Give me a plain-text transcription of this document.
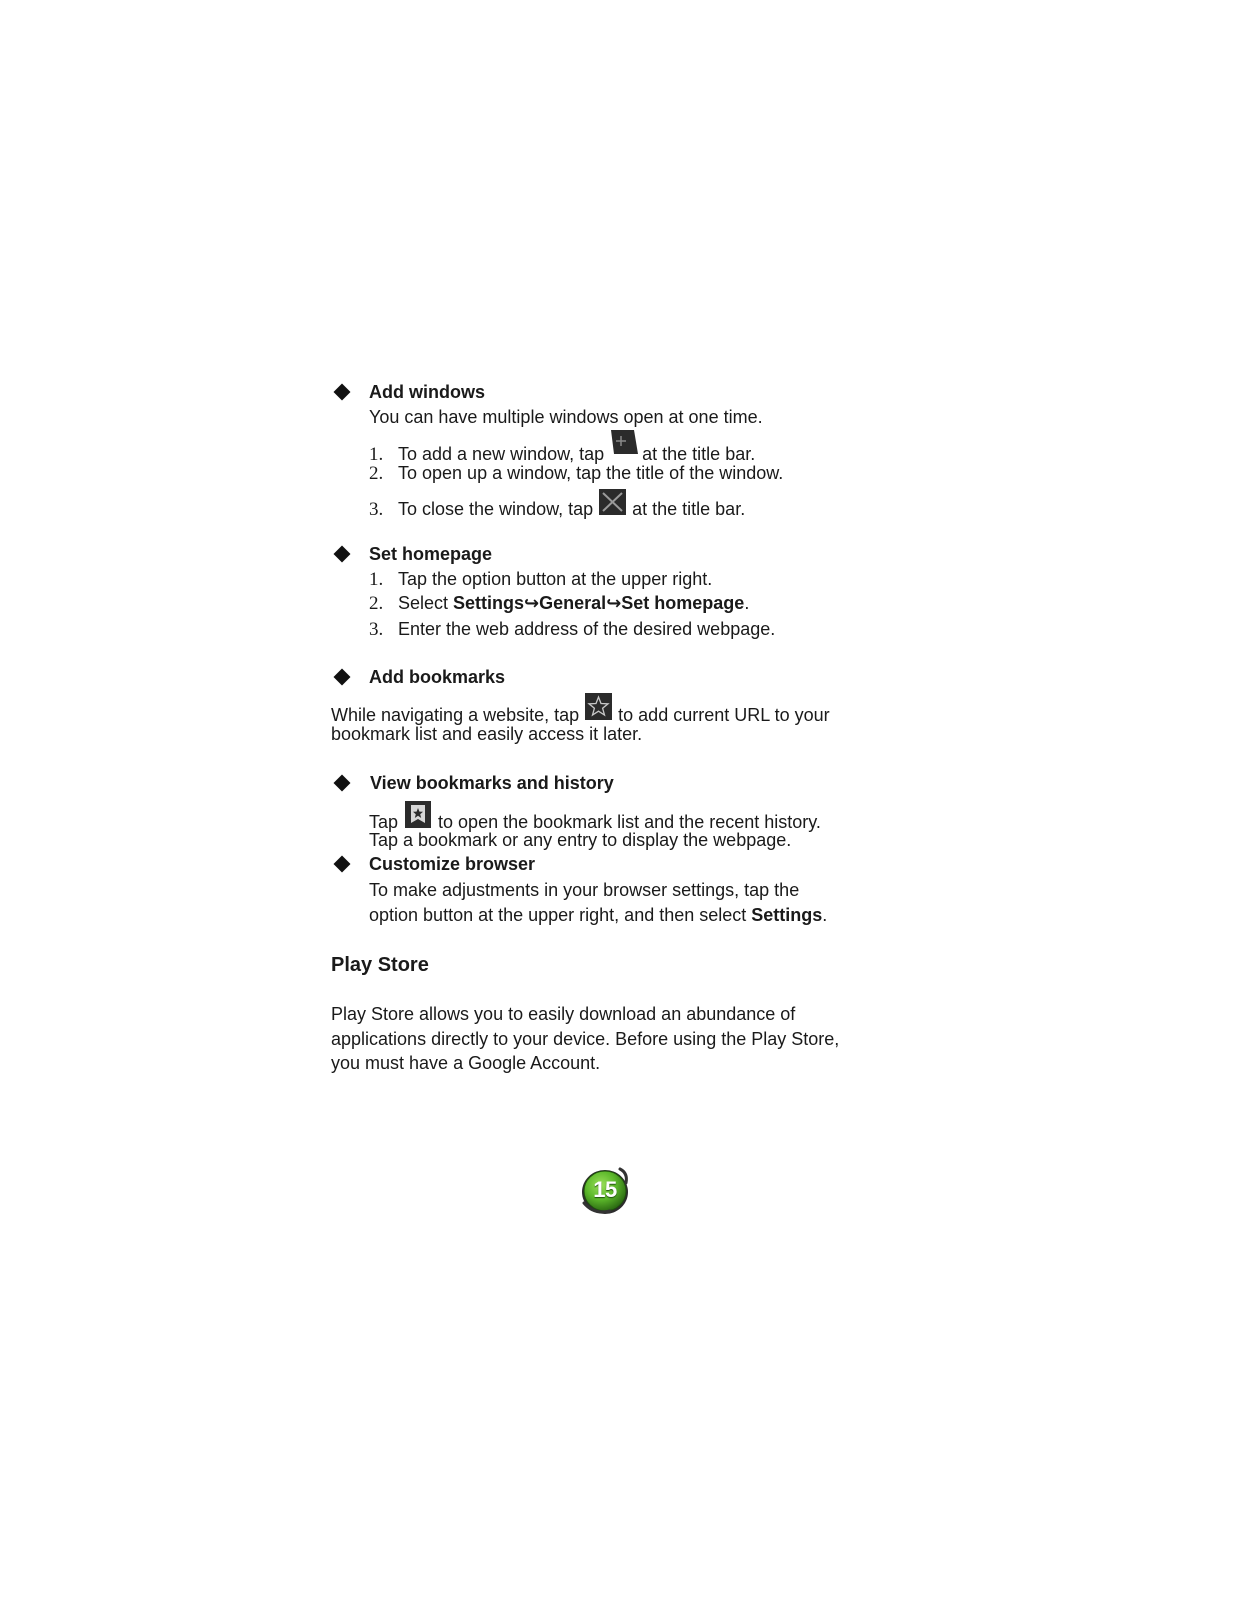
Add windows
You can have multiple windows open at one time.
1. To add a new window, tap at the title bar.
2. To open up a window, tap the title of the window.
3. To close the window, tap at the title bar.
Set homepage
1. Tap the option button at the upper right.
2. Select Settings↪General↪Set homepage.
3. Enter the web address of the desired webpage.
Add bookmarks
While navigating a website, tap to add current URL to your
bookmark list and easily access it later.
View bookmarks and history
Tap to open the bookmark list and the recent history.
Tap a bookmark or any entry to display the webpage.
Customize browser
To make adjustments in your browser settings, tap the
option button at the upper right, and then select Settings.
Play Store
Play Store allows you to easily download an abundance of
applications directly to your device. Before using the Play Store,
you must have a Google Account.
15
